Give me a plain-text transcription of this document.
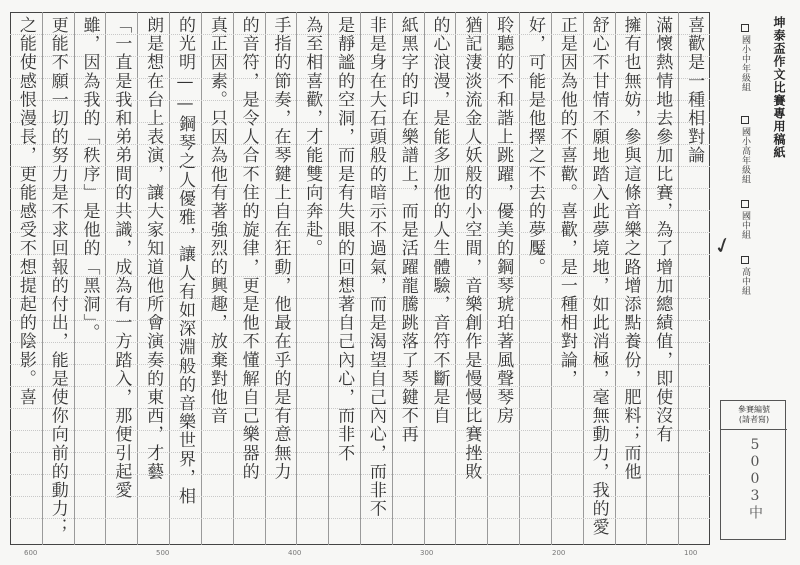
喜歡是一種相對論
滿懷熱情地去參加比賽，為了增加總績值，即使沒有
擁有也無妨，參與這條音樂之路增添點養份，肥料；而他
舒心不甘情不願地踏入此夢境地，如此消極，毫無動力，我的愛
正是因為他的不喜歡。喜歡，是一種相對論，
好，可能是他擇之不去的夢魘。
聆聽的不和諧上跳躍，優美的鋼琴琥珀著風聲琴房
猶記淒淡流金人妖般的小空間，音樂創作是慢慢比賽挫敗
的心浪漫，是能多加他的人生體驗，音符不斷是自
紙黑字的印在樂譜上，而是活躍龍騰跳落了琴鍵不再
非是身在大石頭般的暗示不過氣，而是渴望自己內心，而非不
是靜謐的空洞，而是有失眼的回想著自己內心，而非不
為至相喜歡，才能雙向奔赴。
手指的節奏，在琴鍵上自在狂動，他最在乎的是有意無力
的音符，是令人合不住的旋律，更是他不懂解自己樂器的
真正因素。只因為他有著強烈的興趣，放棄對他音
的光明——鋼琴之人優雅，讓人有如深淵般的音樂世界，相
朗是想在台上表演，讓大家知道他所會演奏的東西，才藝
「一直是我和弟弟間的共識，成為有一方踏入，那便引起愛
雖，因為我的「秩序」是他的「黑洞」。
更能不願一切的努力是不求回報的付出，能是使你向前的動力；
之能使感恨漫長，更能感受不想提起的陰影。喜
600	500	400	300	200	100
坤泰盃作文比賽專用稿紙
國小中年級組
國小高年級組
國中組
高中組
✓
參賽編號
(請者寫)
5003中
